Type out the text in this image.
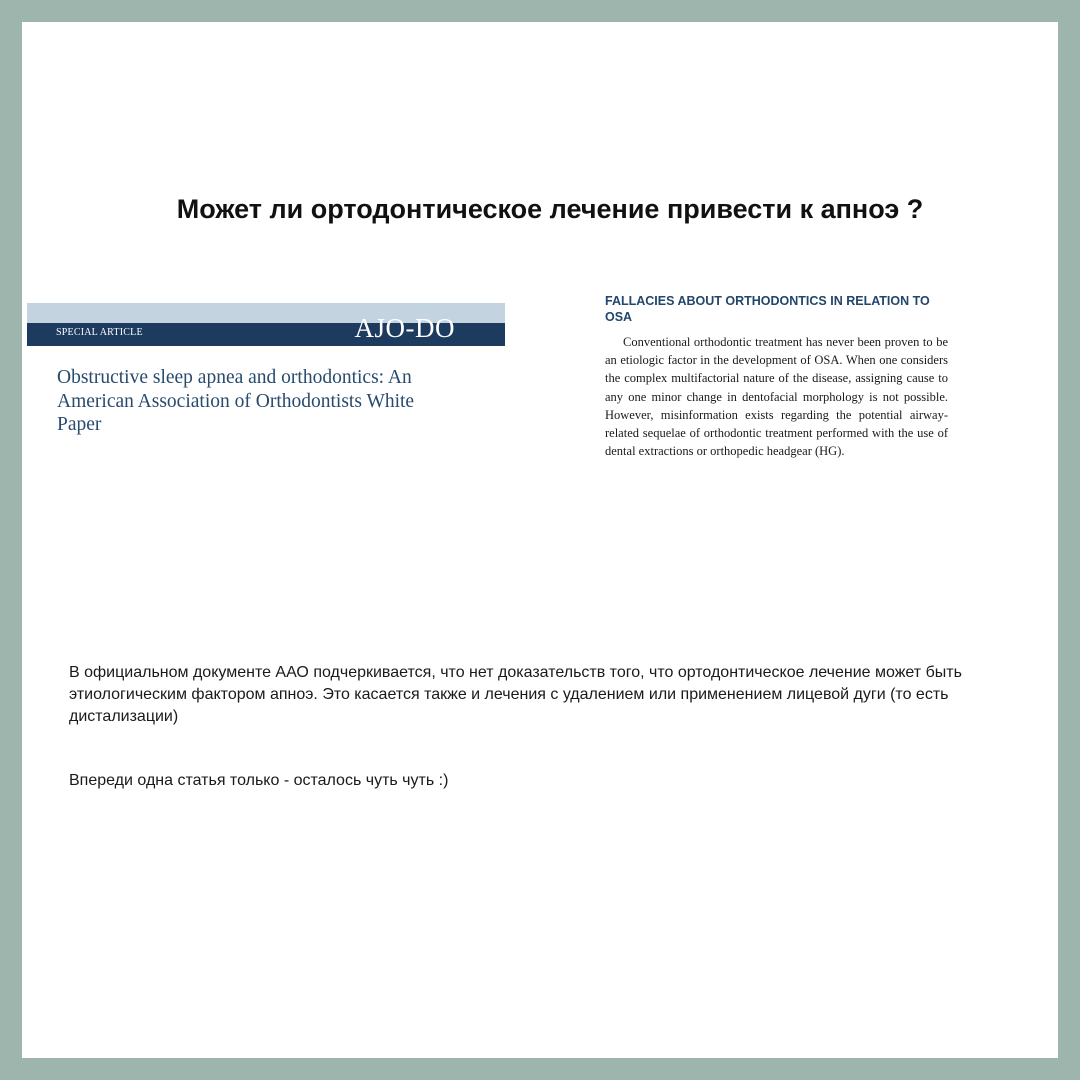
Может ли ортодонтическое лечение привести к апноэ ?
SPECIAL ARTICLE	AJO-DO
Obstructive sleep apnea and orthodontics: An American Association of Orthodontists White Paper
FALLACIES ABOUT ORTHODONTICS IN RELATION TO OSA

Conventional orthodontic treatment has never been proven to be an etiologic factor in the development of OSA. When one considers the complex multifactorial nature of the disease, assigning cause to any one minor change in dentofacial morphology is not possible. However, misinformation exists regarding the potential airway-related sequelae of orthodontic treatment performed with the use of dental extractions or orthopedic headgear (HG).

В официальном документе ААО подчеркивается, что нет доказательств того, что ортодонтическое лечение может быть этиологическим фактором апноэ. Это касается также и лечения с удалением или применением лицевой дуги (то есть дистализации)

Впереди одна статья только - осталось чуть чуть :)
